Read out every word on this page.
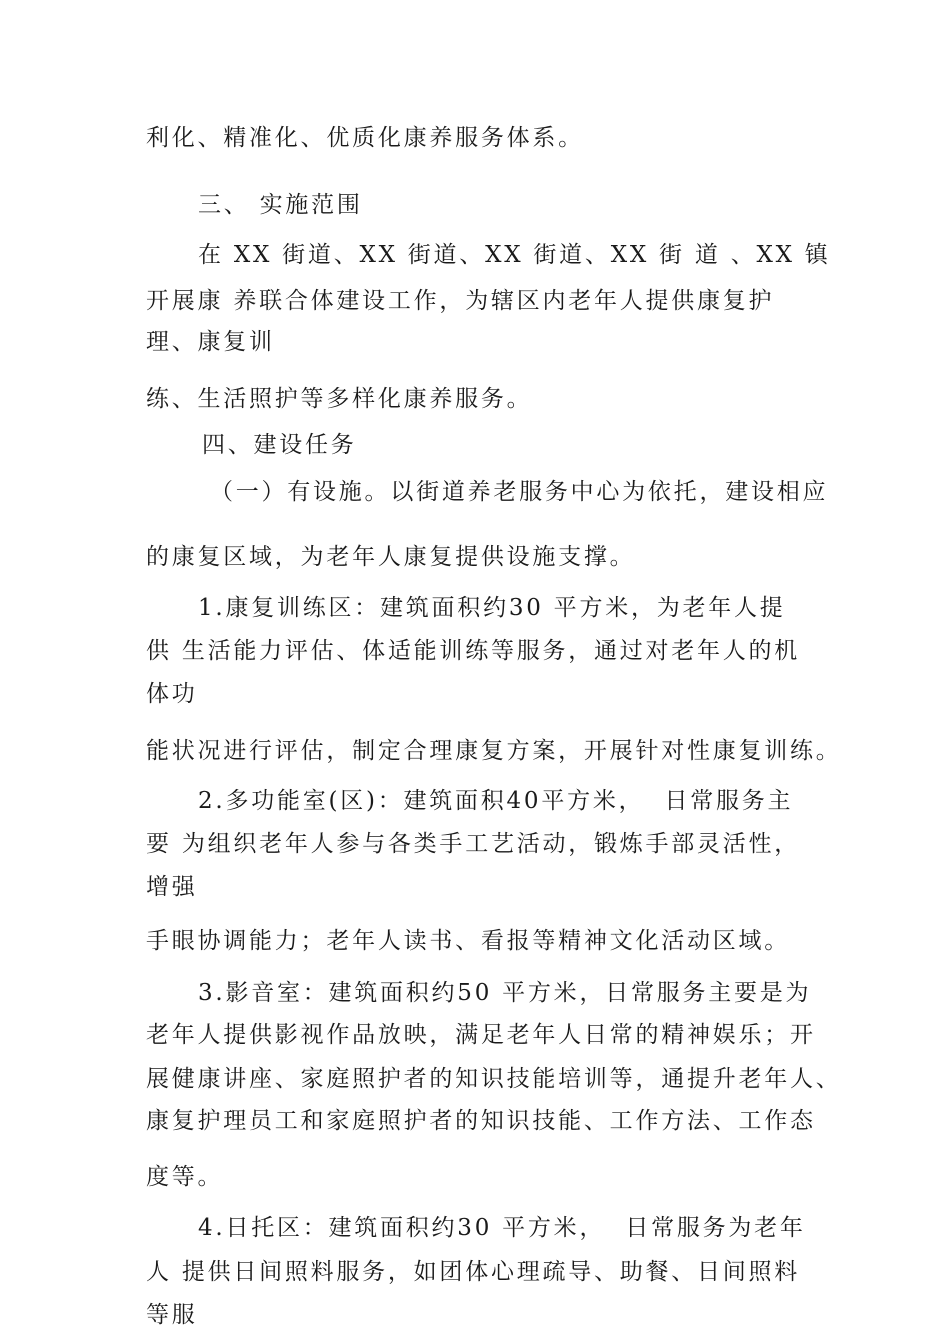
利化、精准化、优质化康养服务体系。
三、 实施范围
在 XX 街道、XX 街道、XX 街道、XX 街 道 、XX 镇
开展康 养联合体建设工作，为辖区内老年人提供康复护
理、康复训
练、生活照护等多样化康养服务。
四、建设任务
（一）有设施。以街道养老服务中心为依托，建设相应
的康复区域，为老年人康复提供设施支撑。
1.康复训练区：建筑面积约30 平方米，为老年人提
供 生活能力评估、体适能训练等服务，通过对老年人的机
体功
能状况进行评估，制定合理康复方案，开展针对性康复训练。
2.多功能室(区)：建筑面积40平方米，  日常服务主
要 为组织老年人参与各类手工艺活动，锻炼手部灵活性，
增强
手眼协调能力；老年人读书、看报等精神文化活动区域。
3.影音室：建筑面积约50 平方米，日常服务主要是为
老年人提供影视作品放映，满足老年人日常的精神娱乐；开
展健康讲座、家庭照护者的知识技能培训等，通提升老年人、
康复护理员工和家庭照护者的知识技能、工作方法、工作态
度等。
4.日托区：建筑面积约30 平方米，  日常服务为老年
人 提供日间照料服务，如团体心理疏导、助餐、日间照料
等服
